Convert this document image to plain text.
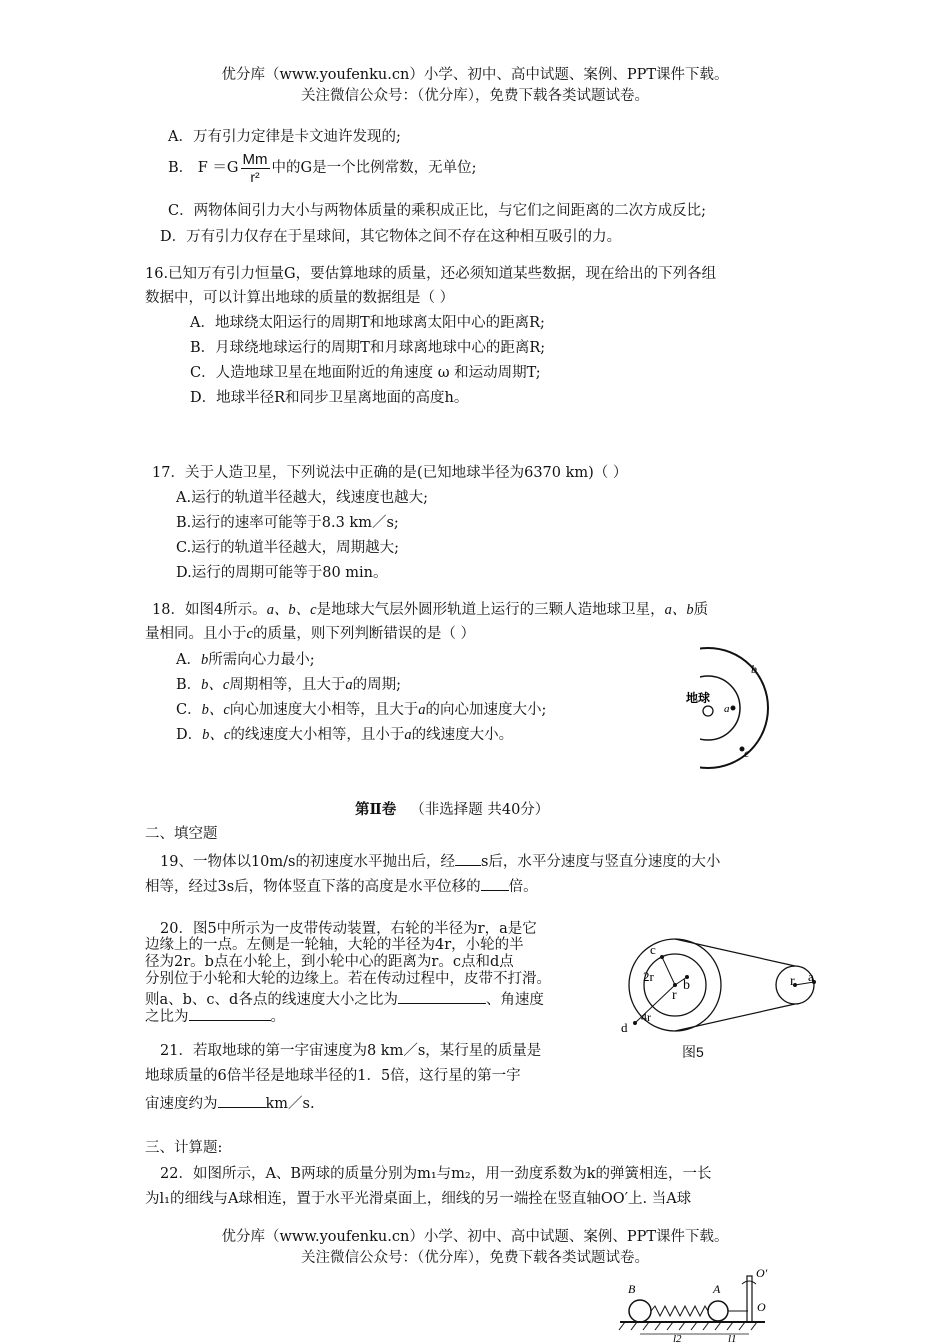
优分库（www.youfenku.cn）小学、初中、高中试题、案例、PPT课件下载。
关注微信公众号：（优分库），免费下载各类试题试卷。
A．万有引力定律是卡文迪许发现的;
B． $F =G \frac{Mm}{\text{r²}}$ 中的G是一个比例常数，无单位;
C．两物体间引力大小与两物体质量的乘积成正比，与它们之间距离的二次方成反比;
D．万有引力仅存在于星球间，其它物体之间不存在这种相互吸引的力。
16.已知万有引力恒量G，要估算地球的质量，还必须知道某些数据，现在给出的下列各组
数据中，可以计算出地球的质量的数据组是（ ）
A．地球绕太阳运行的周期T和地球离太阳中心的距离R;
B．月球绕地球运行的周期T和月球离地球中心的距离R;
C．人造地球卫星在地面附近的角速度 ω 和运动周期T;
D．地球半径R和同步卫星离地面的高度h。
17．关于人造卫星，下列说法中正确的是(已知地球半径为6370 km)（ ）
A.运行的轨道半径越大，线速度也越大;
B.运行的速率可能等于8.3 km／s;
C.运行的轨道半径越大，周期越大;
D.运行的周期可能等于80 min。
18．如图4所示。a、b、c是地球大气层外圆形轨道上运行的三颗人造地球卫星，a、b质
量相同。且小于c的质量，则下列判断错误的是（ ）
A．b所需向心力最小;
B．b、c周期相等，且大于a的周期;
C．b、c向心加速度大小相等，且大于a的向心加速度大小;
D．b、c的线速度大小相等，且小于a的线速度大小。
地球
a
b
c
第Ⅱ卷 （非选择题 共40分）
二、填空题
19、一物体以10m/s的初速度水平抛出后，经 s后，水平分速度与竖直分速度的大小
相等，经过3s后，物体竖直下落的高度是水平位移的 倍。
20．图5中所示为一皮带传动装置，右轮的半径为r，a是它
边缘上的一点。左侧是一轮轴，大轮的半径为4r，小轮的半
径为2r。b点在小轮上，到小轮中心的距离为r。c点和d点
分别位于小轮和大轮的边缘上。若在传动过程中，皮带不打滑。
则a、b、c、d各点的线速度大小之比为	、角速度
之比为	。
c
2r
r
b
4r
d
r a
图5
21．若取地球的第一宇宙速度为8 km／s，某行星的质量是
地球质量的6倍半径是地球半径的1．5倍，这行星的第一宇
宙速度约为	km／s.
三、计算题:
22．如图所示，A、B两球的质量分别为m₁与m₂，用一劲度系数为k的弹簧相连，一长
为l₁的细线与A球相连，置于水平光滑桌面上，细线的另一端拴在竖直轴OO′上. 当A球
优分库（www.youfenku.cn）小学、初中、高中试题、案例、PPT课件下载。
关注微信公众号：（优分库），免费下载各类试题试卷。
B	A
O′
O
l2	l1
